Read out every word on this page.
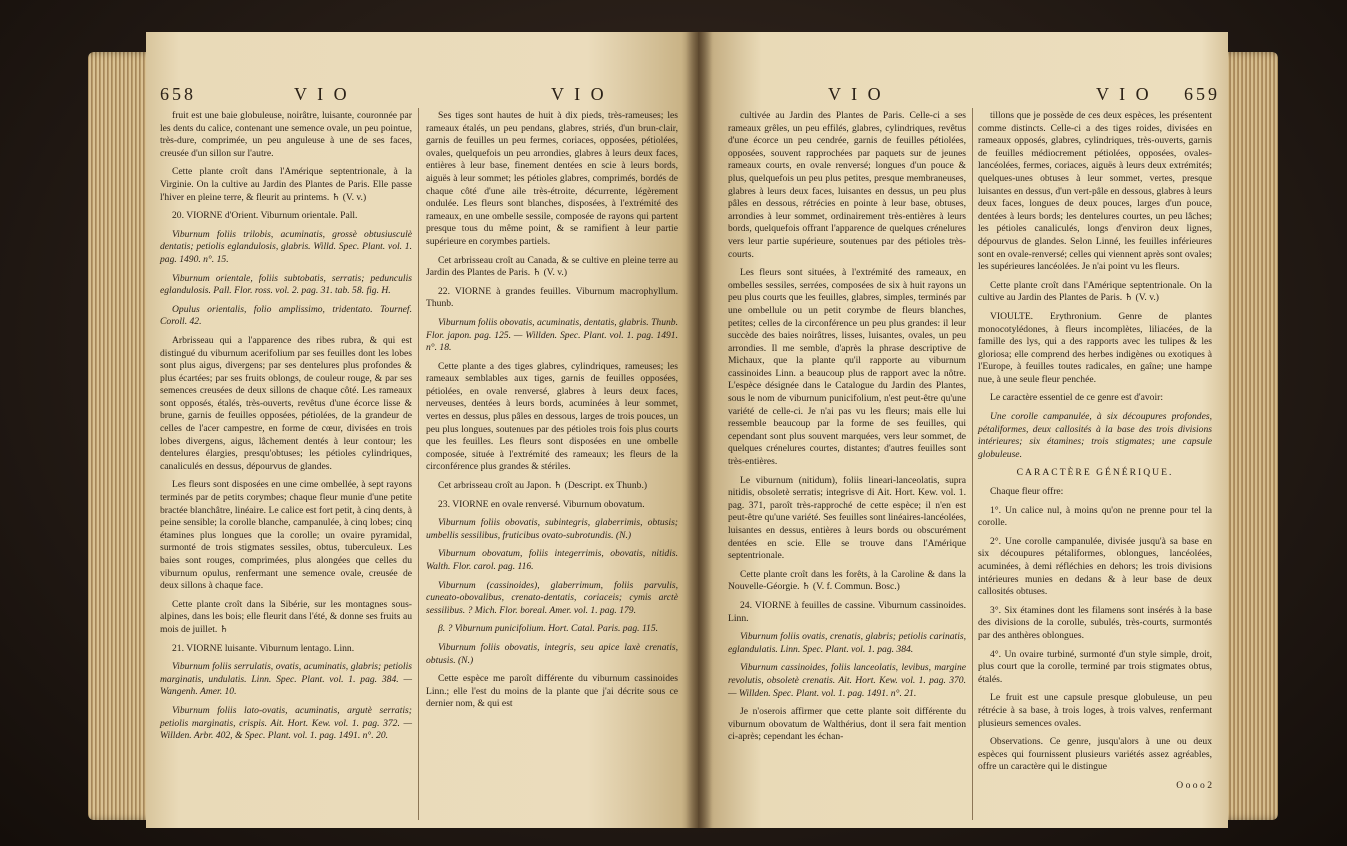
658	V I O	V I O

fruit est une baie globuleuse, noirâtre, luisante, couronnée par les dents du calice, contenant une semence ovale, un peu pointue, très-dure, comprimée, un peu anguleuse à une de ses faces, creusée d'un sillon sur l'autre.

Cette plante croît dans l'Amérique septentrionale, à la Virginie. On la cultive au Jardin des Plantes de Paris. Elle passe l'hiver en pleine terre, & fleurit au printems. ♄ (V. v.)

20. VIORNE d'Orient. Viburnum orientale. Pall.

Viburnum foliis trilobis, acuminatis, grossè obtusiusculè dentatis; petiolis eglandulosis, glabris. Willd. Spec. Plant. vol. 1. pag. 1490. n°. 15.

Viburnum orientale, foliis subtobatis, serratis; pedunculis eglandulosis. Pall. Flor. ross. vol. 2. pag. 31. tab. 58. fig. H.

Opulus orientalis, folio amplissimo, tridentato. Tournef. Coroll. 42.

Arbrisseau qui a l'apparence des ribes rubra, & qui est distingué du viburnum acerifolium par ses feuilles dont les lobes sont plus aigus, divergens; par ses dentelures plus profondes & plus écartées; par ses fruits oblongs, de couleur rouge, & par ses semences creusées de deux sillons de chaque côté. Les rameaux sont opposés, étalés, très-ouverts, revêtus d'une écorce lisse & brune, garnis de feuilles opposées, pétiolées, de la grandeur de celles de l'acer campestre, en forme de cœur, divisées en trois lobes divergens, aigus, lâchement dentés à leur contour; les dentelures élargies, presqu'obtuses; les pétioles cylindriques, canaliculés en dessus, dépourvus de glandes.

Les fleurs sont disposées en une cime ombellée, à sept rayons terminés par de petits corymbes; chaque fleur munie d'une petite bractée blanchâtre, linéaire. Le calice est fort petit, à cinq dents, à peine sensible; la corolle blanche, campanulée, à cinq lobes; cinq étamines plus longues que la corolle; un ovaire pyramidal, surmonté de trois stigmates sessiles, obtus, tuberculeux. Les baies sont rouges, comprimées, plus alongées que celles du viburnum opulus, renfermant une semence ovale, creusée de deux sillons à chaque face.

Cette plante croît dans la Sibérie, sur les montagnes sous-alpines, dans les bois; elle fleurit dans l'été, & donne ses fruits au mois de juillet. ♄

21. VIORNE luisante. Viburnum lentago. Linn.

Viburnum foliis serrulatis, ovatis, acuminatis, glabris; petiolis marginatis, undulatis. Linn. Spec. Plant. vol. 1. pag. 384. — Wangenh. Amer. 10.

Viburnum foliis lato-ovatis, acuminatis, argutè serratis; petiolis marginatis, crispis. Ait. Hort. Kew. vol. 1. pag. 372. — Willden. Arbr. 402, & Spec. Plant. vol. 1. pag. 1491. n°. 20.

Ses tiges sont hautes de huit à dix pieds, très-rameuses; les rameaux étalés, un peu pendans, glabres, striés, d'un brun-clair, garnis de feuilles un peu fermes, coriaces, opposées, pétiolées, ovales, quelquefois un peu arrondies, glabres à leurs deux faces, entières à leur base, finement dentées en scie à leurs bords, aiguës à leur sommet; les pétioles glabres, comprimés, bordés de chaque côté d'une aile très-étroite, décurrente, légèrement ondulée. Les fleurs sont blanches, disposées, à l'extrémité des rameaux, en une ombelle sessile, composée de rayons qui partent presque tous du même point, & se ramifient à leur partie supérieure en corymbes partiels.

Cet arbrisseau croît au Canada, & se cultive en pleine terre au Jardin des Plantes de Paris. ♄ (V. v.)

22. VIORNE à grandes feuilles. Viburnum macrophyllum. Thunb.

Viburnum foliis obovatis, acuminatis, dentatis, glabris. Thunb. Flor. japon. pag. 125. — Willden. Spec. Plant. vol. 1. pag. 1491. n°. 18.

Cette plante a des tiges glabres, cylindriques, rameuses; les rameaux semblables aux tiges, garnis de feuilles opposées, pétiolées, en ovale renversé, glabres à leurs deux faces, nerveuses, dentées à leurs bords, acuminées à leur sommet, vertes en dessus, plus pâles en dessous, larges de trois pouces, un peu plus longues, soutenues par des pétioles trois fois plus courts que les feuilles. Les fleurs sont disposées en une ombelle composée, située à l'extrémité des rameaux; les fleurs de la circonférence plus grandes & stériles.

Cet arbrisseau croît au Japon. ♄ (Descript. ex Thunb.)

23. VIORNE en ovale renversé. Viburnum obovatum.

Viburnum foliis obovatis, subintegris, glaberrimis, obtusis; umbellis sessilibus, fruticibus ovato-subrotundis. (N.)

Viburnum obovatum, foliis integerrimis, obovatis, nitidis. Walth. Flor. carol. pag. 116.

Viburnum (cassinoides), glaberrimum, foliis parvulis, cuneato-obovalibus, crenato-dentatis, coriaceis; cymis arctè sessilibus. ? Mich. Flor. boreal. Amer. vol. 1. pag. 179.

β. ? Viburnum punicifolium. Hort. Catal. Paris. pag. 115.

Viburnum foliis obovatis, integris, seu apice laxè crenatis, obtusis. (N.)

Cette espèce me paroît différente du viburnum cassinoides Linn.; elle l'est du moins de la plante que j'ai décrite sous ce dernier nom, & qui est

V I O	V I O 659

cultivée au Jardin des Plantes de Paris. Celle-ci a ses rameaux grêles, un peu effilés, glabres, cylindriques, revêtus d'une écorce un peu cendrée, garnis de feuilles pétiolées, opposées, souvent rapprochées par paquets sur de jeunes rameaux courts, en ovale renversé; longues d'un pouce & plus, quelquefois un peu plus petites, presque membraneuses, glabres à leurs deux faces, luisantes en dessus, un peu plus pâles en dessous, rétrécies en pointe à leur base, obtuses, arrondies à leur sommet, ordinairement très-entières à leurs bords, quelquefois offrant l'apparence de quelques crénelures vers leur partie supérieure, soutenues par des pétioles très-courts.

Les fleurs sont situées, à l'extrémité des rameaux, en ombelles sessiles, serrées, composées de six à huit rayons un peu plus courts que les feuilles, glabres, simples, terminés par une ombellule ou un petit corymbe de fleurs blanches, petites; celles de la circonférence un peu plus grandes: il leur succède des baies noirâtres, lisses, luisantes, ovales, un peu arrondies. Il me semble, d'après la phrase descriptive de Michaux, que la plante qu'il rapporte au viburnum cassinoides Linn. a beaucoup plus de rapport avec la nôtre. L'espèce désignée dans le Catalogue du Jardin des Plantes, sous le nom de viburnum punicifolium, n'est peut-être qu'une variété de celle-ci. Je n'ai pas vu les fleurs; mais elle lui ressemble beaucoup par la forme de ses feuilles, qui cependant sont plus souvent marquées, vers leur sommet, de quelques crénelures courtes, distantes; d'autres feuilles sont très-entières.

Le viburnum (nitidum), foliis lineari-lanceolatis, supra nitidis, obsoletè serratis; integrisve di Ait. Hort. Kew. vol. 1. pag. 371, paroît très-rapproché de cette espèce; il n'en est peut-être qu'une variété. Ses feuilles sont linéaires-lancéolées, luisantes en dessus, entières à leurs bords ou obscurément dentées en scie. Elle se trouve dans l'Amérique septentrionale.

Cette plante croît dans les forêts, à la Caroline & dans la Nouvelle-Géorgie. ♄ (V. f. Commun. Bosc.)

24. VIORNE à feuilles de cassine. Viburnum cassinoides. Linn.

Viburnum foliis ovatis, crenatis, glabris; petiolis carinatis, eglandulatis. Linn. Spec. Plant. vol. 1. pag. 384.

Viburnum cassinoides, foliis lanceolatis, levibus, margine revolutis, obsoletè crenatis. Ait. Hort. Kew. vol. 1. pag. 370. — Willden. Spec. Plant. vol. 1. pag. 1491. n°. 21.

Je n'oserois affirmer que cette plante soit différente du viburnum obovatum de Walthérius, dont il sera fait mention ci-après; cependant les échan-

tillons que je possède de ces deux espèces, les présentent comme distincts. Celle-ci a des tiges roides, divisées en rameaux opposés, glabres, cylindriques, très-ouverts, garnis de feuilles médiocrement pétiolées, opposées, ovales-lancéolées, fermes, coriaces, aiguës à leurs deux extrémités; quelques-unes obtuses à leur sommet, vertes, presque luisantes en dessus, d'un vert-pâle en dessous, glabres à leurs deux faces, longues de deux pouces, larges d'un pouce, dentées à leurs bords; les dentelures courtes, un peu lâches; les pétioles canaliculés, longs d'environ deux lignes, dépourvus de glandes. Selon Linné, les feuilles inférieures sont en ovale-renversé; celles qui viennent après sont ovales; les supérieures lancéolées. Je n'ai point vu les fleurs.

Cette plante croît dans l'Amérique septentrionale. On la cultive au Jardin des Plantes de Paris. ♄ (V. v.)

VIOULTE. Erythronium. Genre de plantes monocotylédones, à fleurs incomplètes, liliacées, de la famille des lys, qui a des rapports avec les tulipes & les gloriosa; elle comprend des herbes indigènes ou exotiques à l'Europe, à feuilles toutes radicales, en gaîne; une hampe nue, à une seule fleur penchée.

Le caractère essentiel de ce genre est d'avoir:

Une corolle campanulée, à six découpures profondes, pétaliformes, deux callosités à la base des trois divisions intérieures; six étamines; trois stigmates; une capsule globuleuse.

CARACTÈRE GÉNÉRIQUE.

Chaque fleur offre:

1°. Un calice nul, à moins qu'on ne prenne pour tel la corolle.

2°. Une corolle campanulée, divisée jusqu'à sa base en six découpures pétaliformes, oblongues, lancéolées, acuminées, à demi réfléchies en dehors; les trois divisions intérieures munies en dedans & à leur base de deux callosités obtuses.

3°. Six étamines dont les filamens sont insérés à la base des divisions de la corolle, subulés, très-courts, surmontés par des anthères oblongues.

4°. Un ovaire turbiné, surmonté d'un style simple, droit, plus court que la corolle, terminé par trois stigmates obtus, étalés.

Le fruit est une capsule presque globuleuse, un peu rétrécie à sa base, à trois loges, à trois valves, renfermant plusieurs semences ovales.

Observations. Ce genre, jusqu'alors à une ou deux espèces qui fournissent plusieurs variétés assez agréables, offre un caractère qui le distingue

O o o o 2
